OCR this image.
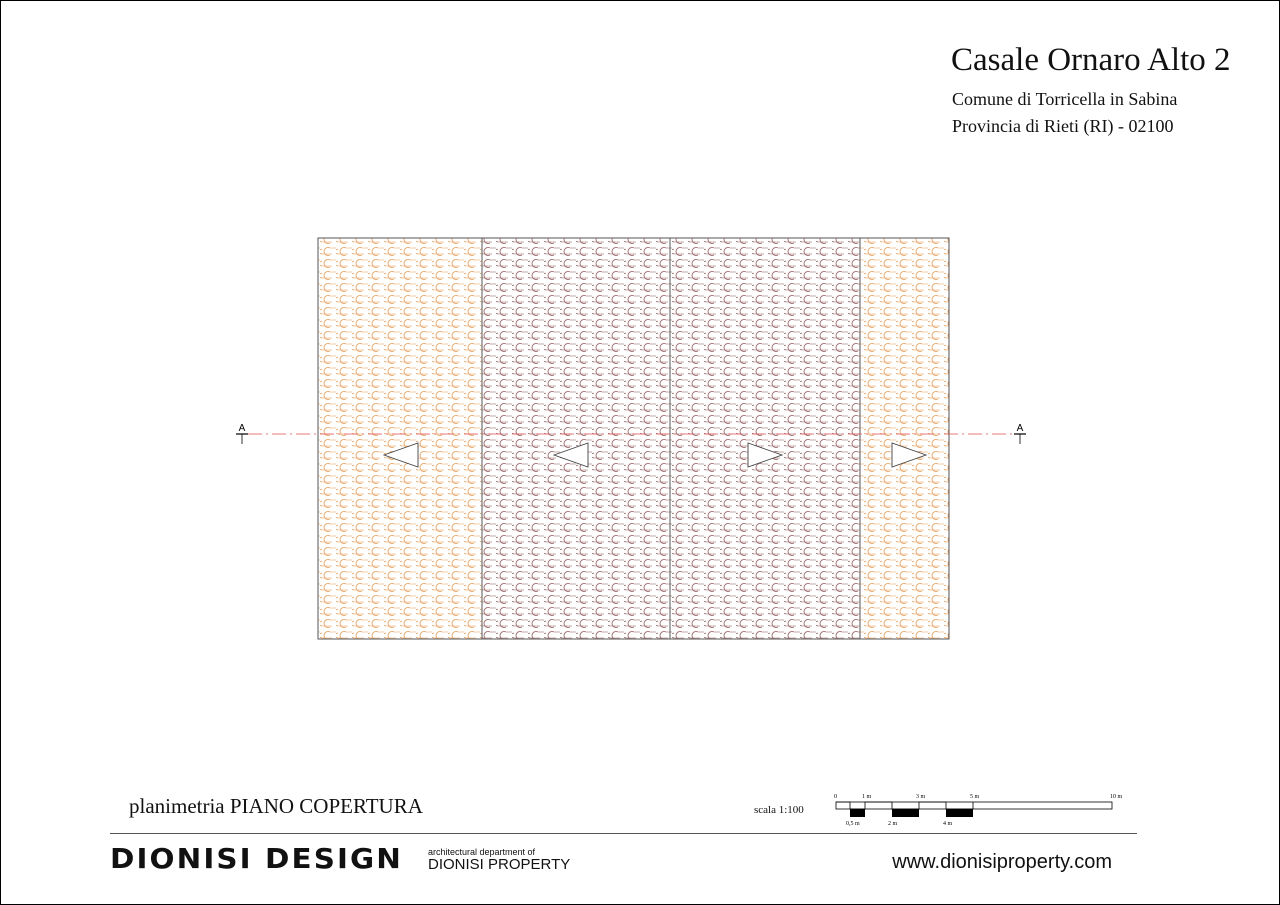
Casale Ornaro Alto 2
Comune di Torricella in Sabina
Provincia di Rieti (RI) - 02100
A	A
planimetria PIANO COPERTURA	scala 1:100
0	1 m	3 m	5 m	10 m
0,5 m	2 m	4 m
DIONISI DESIGN	architectural department of
DIONISI PROPERTY	www.dionisiproperty.com
